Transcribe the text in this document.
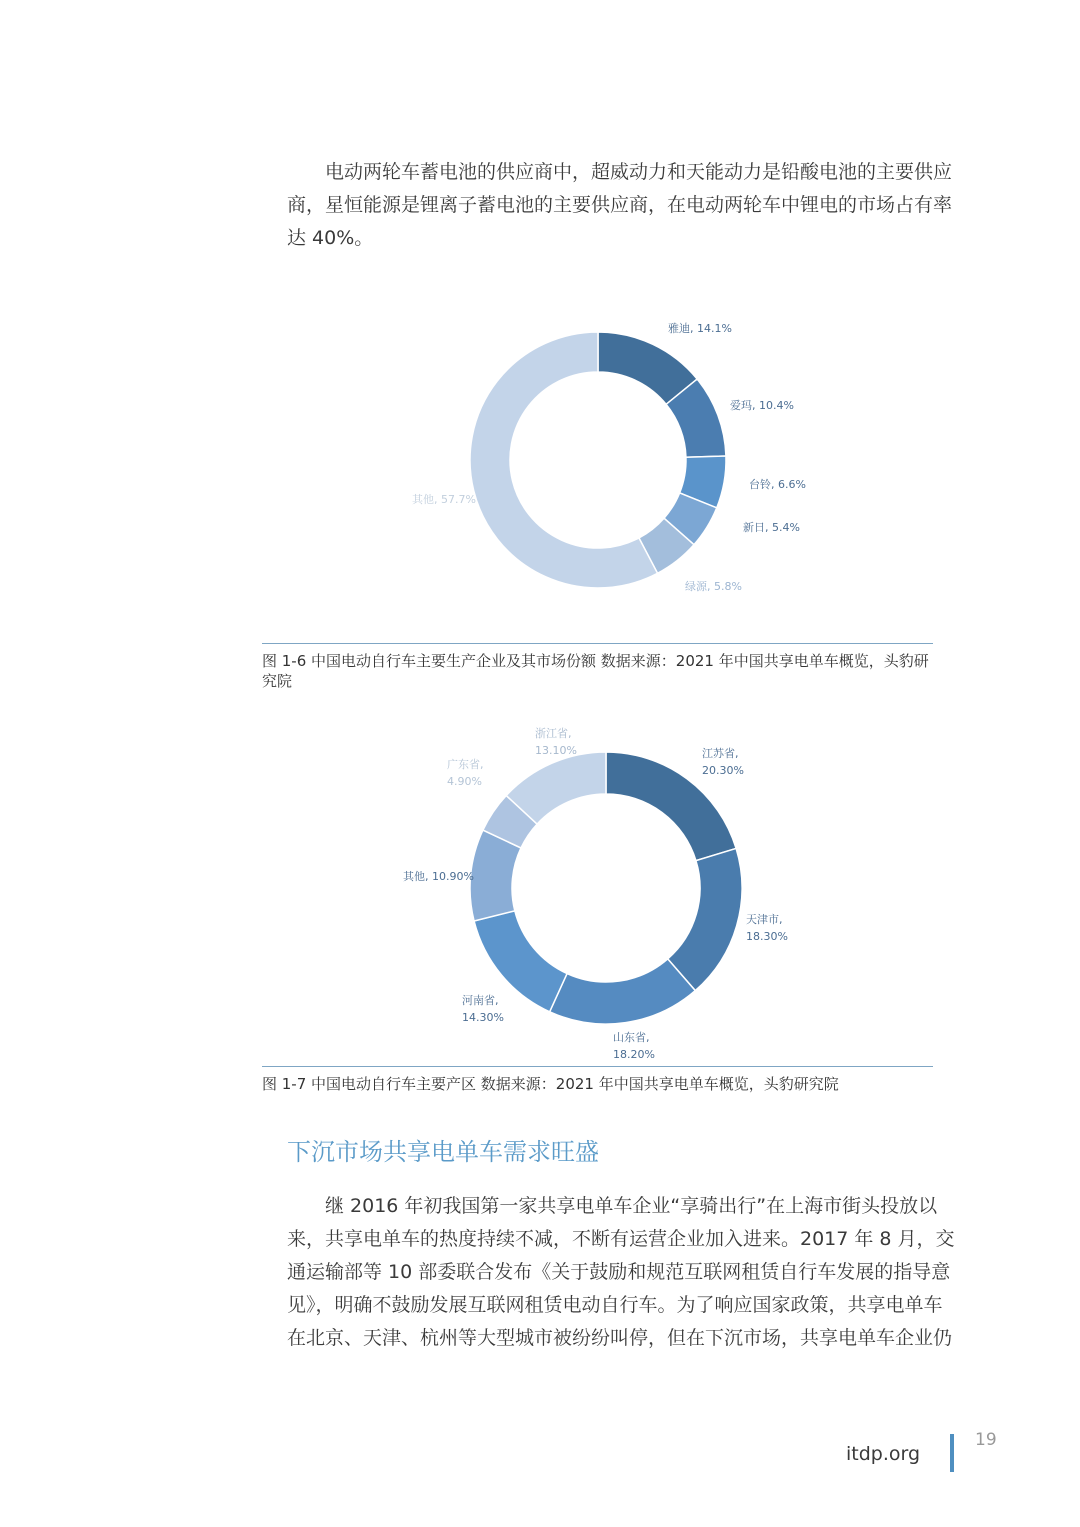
电动两轮车蓄电池的供应商中，超威动力和天能动力是铅酸电池的主要供应
商，星恒能源是锂离子蓄电池的主要供应商，在电动两轮车中锂电的市场占有率
达 40%。

雅迪, 14.1%
爱玛, 10.4%
台铃, 6.6%
新日, 5.4%
绿源, 5.8%
其他, 57.7%

图 1-6 中国电动自行车主要生产企业及其市场份额 数据来源：2021 年中国共享电单车概览，头豹研究院

江苏省, 20.30%
天津市, 18.30%
山东省, 18.20%
河南省, 14.30%
其他, 10.90%
广东省, 4.90%
浙江省, 13.10%

图 1-7 中国电动自行车主要产区 数据来源：2021 年中国共享电单车概览，头豹研究院

下沉市场共享电单车需求旺盛

继 2016 年初我国第一家共享电单车企业“享骑出行”在上海市街头投放以
来，共享电单车的热度持续不减，不断有运营企业加入进来。2017 年 8 月，交
通运输部等 10 部委联合发布《关于鼓励和规范互联网租赁自行车发展的指导意
见》，明确不鼓励发展互联网租赁电动自行车。为了响应国家政策，共享电单车
在北京、天津、杭州等大型城市被纷纷叫停，但在下沉市场，共享电单车企业仍

itdp.org
19
